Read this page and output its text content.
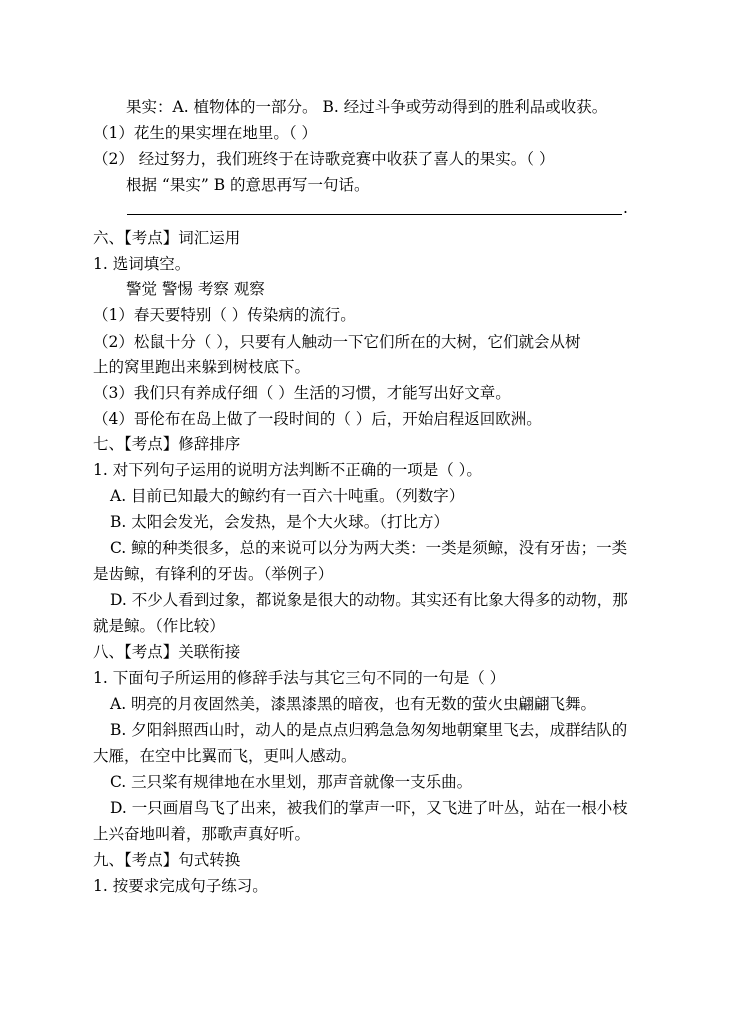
果实：A. 植物体的一部分。 B. 经过斗争或劳动得到的胜利品或收获。
（1）花生的果实埋在地里。（ ）
（2） 经过努力，我们班终于在诗歌竞赛中收获了喜人的果实。（ ）
根据 “果实” B 的意思再写一句话。
.
六、【考点】词汇运用
1. 选词填空。
警觉 警惕 考察 观察
（1）春天要特别（ ）传染病的流行。
（2）松鼠十分（ ），只要有人触动一下它们所在的大树，它们就会从树
上的窝里跑出来躲到树枝底下。
（3）我们只有养成仔细（ ）生活的习惯，才能写出好文章。
（4）哥伦布在岛上做了一段时间的（ ）后，开始启程返回欧洲。
七、【考点】修辞排序
1. 对下列句子运用的说明方法判断不正确的一项是（ ）。
A. 目前已知最大的鲸约有一百六十吨重。（列数字）
B. 太阳会发光，会发热，是个大火球。（打比方）
C. 鲸的种类很多，总的来说可以分为两大类：一类是须鲸，没有牙齿；一类
是齿鲸，有锋利的牙齿。（举例子）
D. 不少人看到过象，都说象是很大的动物。其实还有比象大得多的动物，那
就是鲸。（作比较）
八、【考点】关联衔接
1. 下面句子所运用的修辞手法与其它三句不同的一句是（ ）
A. 明亮的月夜固然美，漆黑漆黑的暗夜，也有无数的萤火虫翩翩飞舞。
B. 夕阳斜照西山时，动人的是点点归鸦急急匆匆地朝窠里飞去，成群结队的
大雁，在空中比翼而飞，更叫人感动。
C. 三只桨有规律地在水里划，那声音就像一支乐曲。
D. 一只画眉鸟飞了出来，被我们的掌声一吓，又飞进了叶丛，站在一根小枝
上兴奋地叫着，那歌声真好听。
九、【考点】句式转换
1. 按要求完成句子练习。
